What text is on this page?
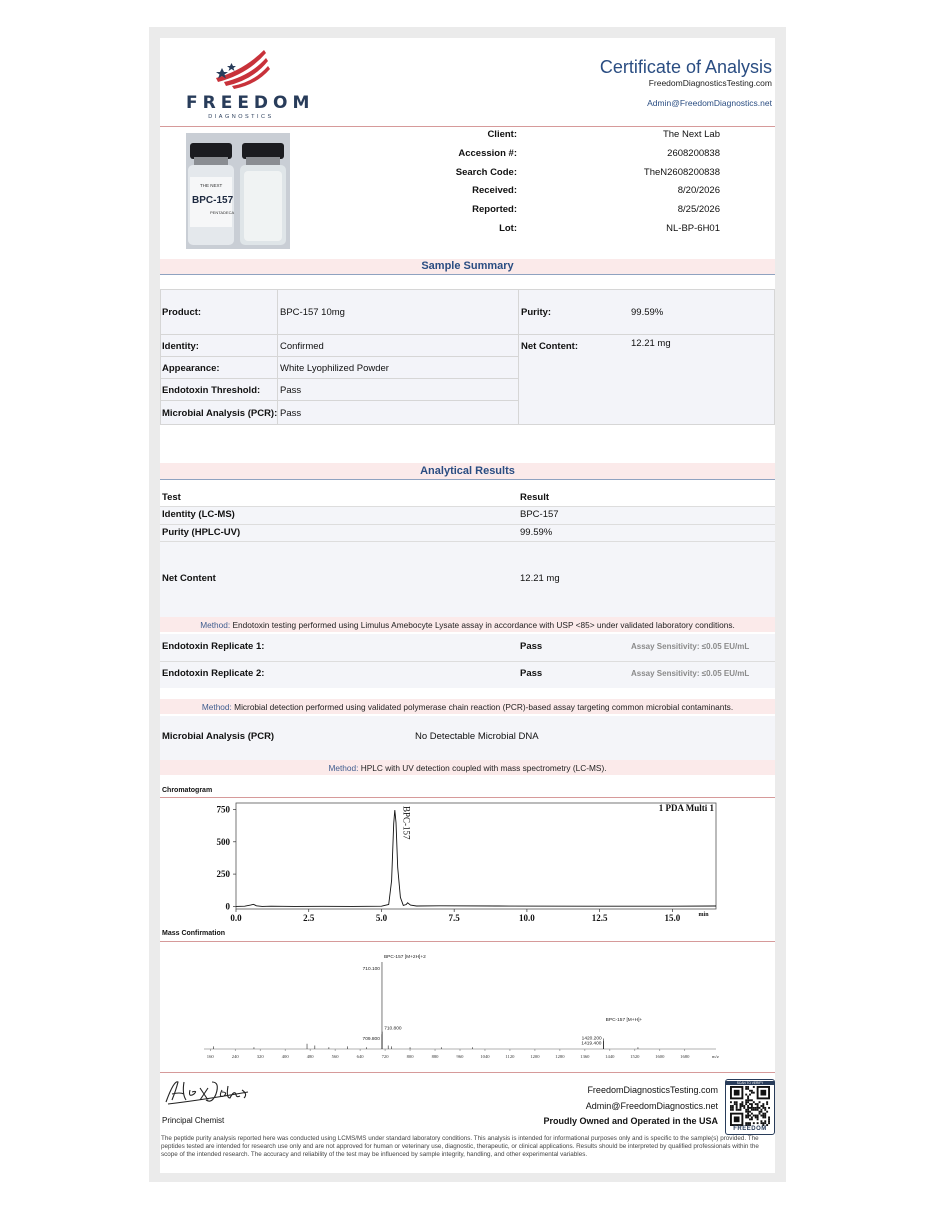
FREEDOM
DIAGNOSTICS
Certificate of Analysis
FreedomDiagnosticsTesting.com
Admin@FreedomDiagnostics.net
THE NEXT
BPC-157
PENTADECA
Client:	The Next Lab
Accession #:	2608200838
Search Code:	TheN2608200838
Received:	8/20/2026
Reported:	8/25/2026
Lot:	NL-BP-6H01
Sample Summary
Product:	BPC-157 10mg	Purity:	99.59%
Identity:	Confirmed	Net Content:	12.21 mg
Appearance:	White Lyophilized Powder
Endotoxin Threshold: Pass
Microbial Analysis (PCR): Pass
Analytical Results
Test	Result
Identity (LC-MS)	BPC-157
Purity (HPLC-UV)	99.59%
Net Content	12.21 mg
Method: Endotoxin testing performed using Limulus Amebocyte Lysate assay in accordance with USP <85> under validated laboratory conditions.
Endotoxin Replicate 1:	Pass	Assay Sensitivity: ≤0.05 EU/mL
Endotoxin Replicate 2:	Pass	Assay Sensitivity: ≤0.05 EU/mL
Method: Microbial detection performed using validated polymerase chain reaction (PCR)-based assay targeting common microbial contaminants.
Microbial Analysis (PCR)	No Detectable Microbial DNA
Method: HPLC with UV detection coupled with mass spectrometry (LC-MS).
Chromatogram
0
250
500
750
0.0	2.5	5.0	7.5	10.0	12.5	15.0	min
1 PDA Multi 1
BPC-157
Mass Confirmation
160	240	320	400	480	560	640	720	800	880	960	1040	1120	1200	1280	1360	1440	1520	1600	1680	m/z
BPC-157 [M+2H]+2
710.100
710.800
709.800
BPC-157 [M+H]+
1420.200
1419.400
Principal Chemist
FreedomDiagnosticsTesting.com
Admin@FreedomDiagnostics.net
Proudly Owned and Operated in the USA
SCAN TO VERIFY
FREEDOM
The peptide purity analysis reported here was conducted using LCMS/MS under standard laboratory conditions. This analysis is intended for informational purposes only and is specific to the sample(s) provided. The peptides tested are intended for research use only and are not approved for human or veterinary use, diagnostic, therapeutic, or clinical applications. Results should be interpreted by qualified professionals within the scope of the intended research. The accuracy and reliability of the test may be influenced by sample integrity, handling, and other experimental variables.
